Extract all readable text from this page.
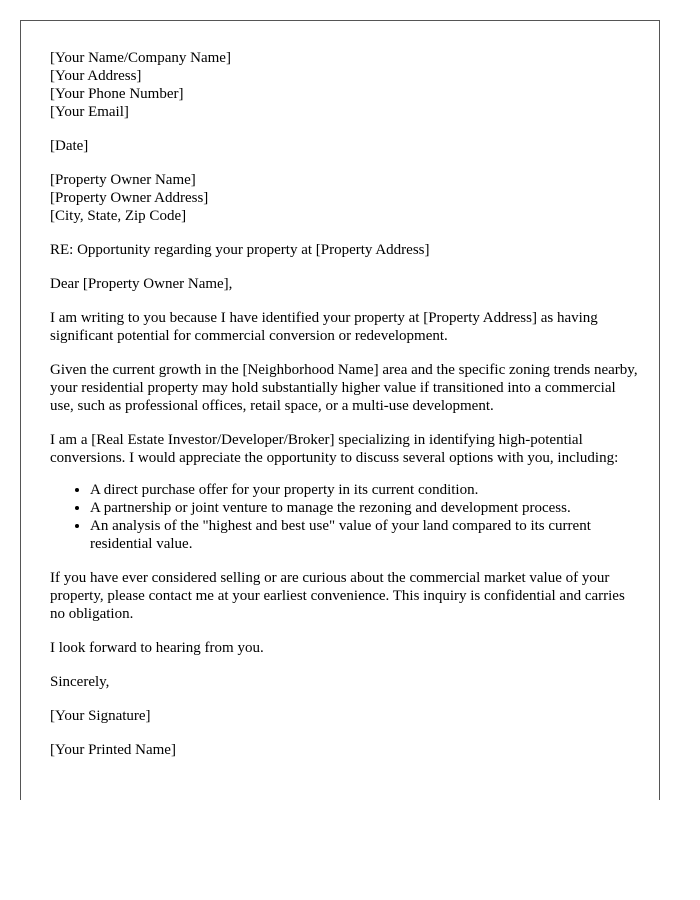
[Your Name/Company Name]
[Your Address]
[Your Phone Number]
[Your Email]

[Date]

[Property Owner Name]
[Property Owner Address]
[City, State, Zip Code]

RE: Opportunity regarding your property at [Property Address]

Dear [Property Owner Name],

I am writing to you because I have identified your property at [Property Address] as having significant potential for commercial conversion or redevelopment.

Given the current growth in the [Neighborhood Name] area and the specific zoning trends nearby, your residential property may hold substantially higher value if transitioned into a commercial use, such as professional offices, retail space, or a multi-use development.

I am a [Real Estate Investor/Developer/Broker] specializing in identifying high-potential conversions. I would appreciate the opportunity to discuss several options with you, including:

• A direct purchase offer for your property in its current condition.
• A partnership or joint venture to manage the rezoning and development process.
• An analysis of the "highest and best use" value of your land compared to its current residential value.

If you have ever considered selling or are curious about the commercial market value of your property, please contact me at your earliest convenience. This inquiry is confidential and carries no obligation.

I look forward to hearing from you.

Sincerely,

[Your Signature]

[Your Printed Name]
